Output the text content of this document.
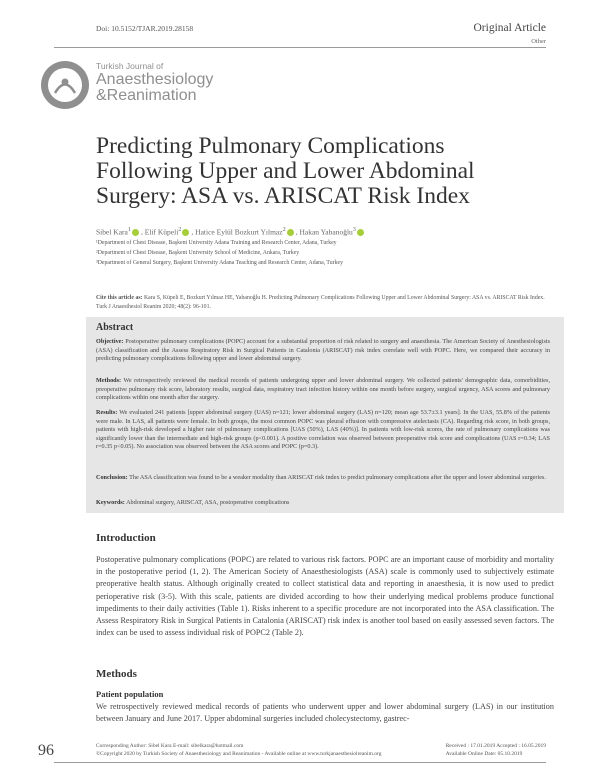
Doi: 10.5152/TJAR.2019.28158	Original Article
Other
Turkish Journal of
Anaesthesiology
&Reanimation
Predicting Pulmonary Complications Following Upper and Lower Abdominal Surgery: ASA vs. ARISCAT Risk Index
Sibel Kara$^1$ , Elif Küpeli$^2$ , Hatice Eylül Bozkurt Yılmaz$^2$ , Hakan Yabanoğlu$^3$
¹Department of Chest Disease, Başkent University Adana Training and Research Center, Adana, Turkey
²Department of Chest Disease, Başkent University School of Medicine, Ankara, Turkey
³Department of General Surgery, Başkent University Adana Teaching and Research Center, Adana, Turkey
Cite this article as: Kara S, Küpeli E, Bozkurt Yılmaz HE, Yabanoğlu H. Predicting Pulmonary Complications Following Upper and Lower Abdominal Surgery: ASA vs. ARISCAT Risk Index. Turk J Anaesthesiol Reanim 2020; 48(2): 96-101.
Abstract
Objective: Postoperative pulmonary complications (POPC) account for a substantial proportion of risk related to surgery and anaesthesia. The American Society of Anesthesiologists (ASA) classification and the Assess Respiratory Risk in Surgical Patients in Catalonia (ARISCAT) risk index correlate well with POPC. Here, we compared their accuracy in predicting pulmonary complications following upper and lower abdominal surgery.
Methods: We retrospectively reviewed the medical records of patients undergoing upper and lower abdominal surgery. We collected patients' demographic data, comorbidities, preoperative pulmonary risk score, laboratory results, surgical data, respiratory tract infection history within one month before surgery, surgical urgency, ASA scores and pulmonary complications within one month after the surgery.
Results: We evaluated 241 patients [upper abdominal surgery (UAS) n=121; lower abdominal surgery (LAS) n=120; mean age 53.7±3.1 years]. In the UAS, 55.8% of the patients were male. In LAS, all patients were female. In both groups, the most common POPC was pleural effusion with compressive atelectasis (CA). Regarding risk score, in both groups, patients with high-risk developed a higher rate of pulmonary complications [UAS (50%), LAS (40%)]. In patients with low-risk scores, the rate of pulmonary complications was significantly lower than the intermediate and high-risk groups (p<0.001). A positive correlation was observed between preoperative risk score and complications (UAS r=0.34; LAS r=0.35 p<0.05). No association was observed between the ASA scores and POPC (p=0.3).
Conclusion: The ASA classification was found to be a weaker modality than ARISCAT risk index to predict pulmonary complications after the upper and lower abdominal surgeries.
Keywords: Abdominal surgery, ARISCAT, ASA, postoperative complications
Introduction
Postoperative pulmonary complications (POPC) are related to various risk factors. POPC are an important cause of morbidity and mortality in the postoperative period (1, 2). The American Society of Anaesthesiologists (ASA) scale is commonly used to subjectively estimate preoperative health status. Although originally created to collect statistical data and reporting in anaesthesia, it is now used to predict perioperative risk (3-5). With this scale, patients are divided according to how their underlying medical problems produce functional impediments to their daily activities (Table 1). Risks inherent to a specific procedure are not incorporated into the ASA classification. The Assess Respiratory Risk in Surgical Patients in Catalonia (ARISCAT) risk index is another tool based on easily assessed seven factors. The index can be used to assess individual risk of POPC2 (Table 2).
Methods
Patient population
We retrospectively reviewed medical records of patients who underwent upper and lower abdominal surgery (LAS) in our institution between January and June 2017. Upper abdominal surgeries included cholecystectomy, gastrec-
96	Corresponding Author: Sibel Kara E-mail: sibelkara@hotmail.com
©Copyright 2020 by Turkish Society of Anaesthesiology and Reanimation - Available online at www.turkjanaesthesiolreanim.org
Received : 17.01.2019 Accepted : 16.05.2019
Available Online Date: 05.10.2019
